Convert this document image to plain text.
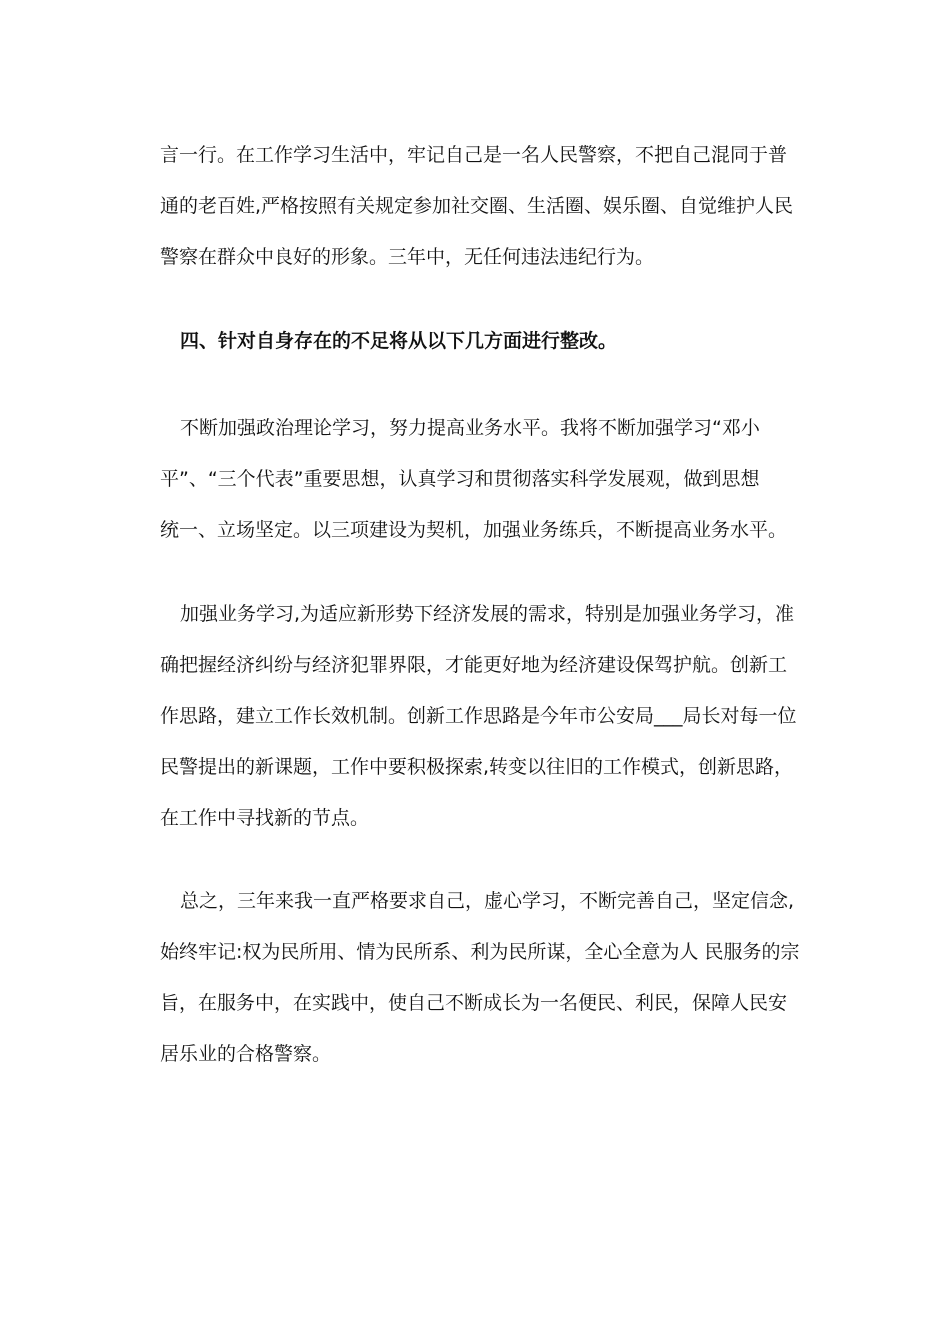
言一行。在工作学习生活中，牢记自己是一名人民警察，不把自己混同于普
通的老百姓,严格按照有关规定参加社交圈、生活圈、娱乐圈、自觉维护人民
警察在群众中良好的形象。三年中，无任何违法违纪行为。
四、针对自身存在的不足将从以下几方面进行整改。
不断加强政治理论学习，努力提高业务水平。我将不断加强学习“邓小
平”、“三个代表”重要思想，认真学习和贯彻落实科学发展观，做到思想
统一、立场坚定。以三项建设为契机，加强业务练兵，不断提高业务水平。
加强业务学习,为适应新形势下经济发展的需求，特别是加强业务学习，准
确把握经济纠纷与经济犯罪界限，才能更好地为经济建设保驾护航。创新工
作思路，建立工作长效机制。创新工作思路是今年市公安局___局长对每一位
民警提出的新课题，工作中要积极探索,转变以往旧的工作模式，创新思路，
在工作中寻找新的节点。
总之，三年来我一直严格要求自己，虚心学习，不断完善自己，坚定信念,
始终牢记:权为民所用、情为民所系、利为民所谋，全心全意为人 民服务的宗
旨，在服务中，在实践中，使自己不断成长为一名便民、利民，保障人民安
居乐业的合格警察。
